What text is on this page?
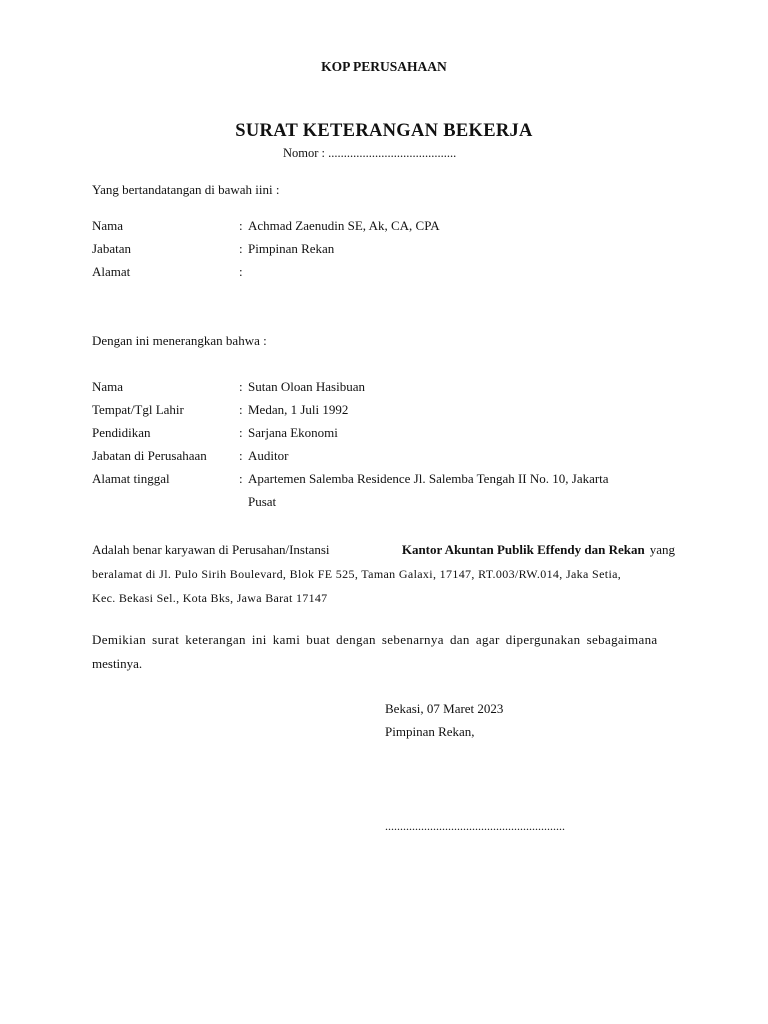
KOP PERUSAHAAN
SURAT KETERANGAN BEKERJA
Nomor : .........................................
Yang bertandatangan di bawah iini :
Nama	: Achmad Zaenudin SE, Ak, CA, CPA
Jabatan	: Pimpinan Rekan
Alamat	:
Dengan ini menerangkan bahwa :
Nama	: Sutan Oloan Hasibuan
Tempat/Tgl Lahir	: Medan, 1 Juli 1992
Pendidikan	: Sarjana Ekonomi
Jabatan di Perusahaan : Auditor
Alamat tinggal	: Apartemen Salemba Residence Jl. Salemba Tengah II No. 10, Jakarta
Pusat
Adalah benar karyawan di Perusahan/Instansi	Kantor Akuntan Publik Effendy dan Rekan yang
beralamat di Jl. Pulo Sirih Boulevard, Blok FE 525, Taman Galaxi, 17147, RT.003/RW.014, Jaka Setia,
Kec. Bekasi Sel., Kota Bks, Jawa Barat 17147
Demikian surat keterangan ini kami buat dengan sebenarnya dan agar dipergunakan sebagaimana
mestinya.
Bekasi, 07 Maret 2023
Pimpinan Rekan,
............................................................
